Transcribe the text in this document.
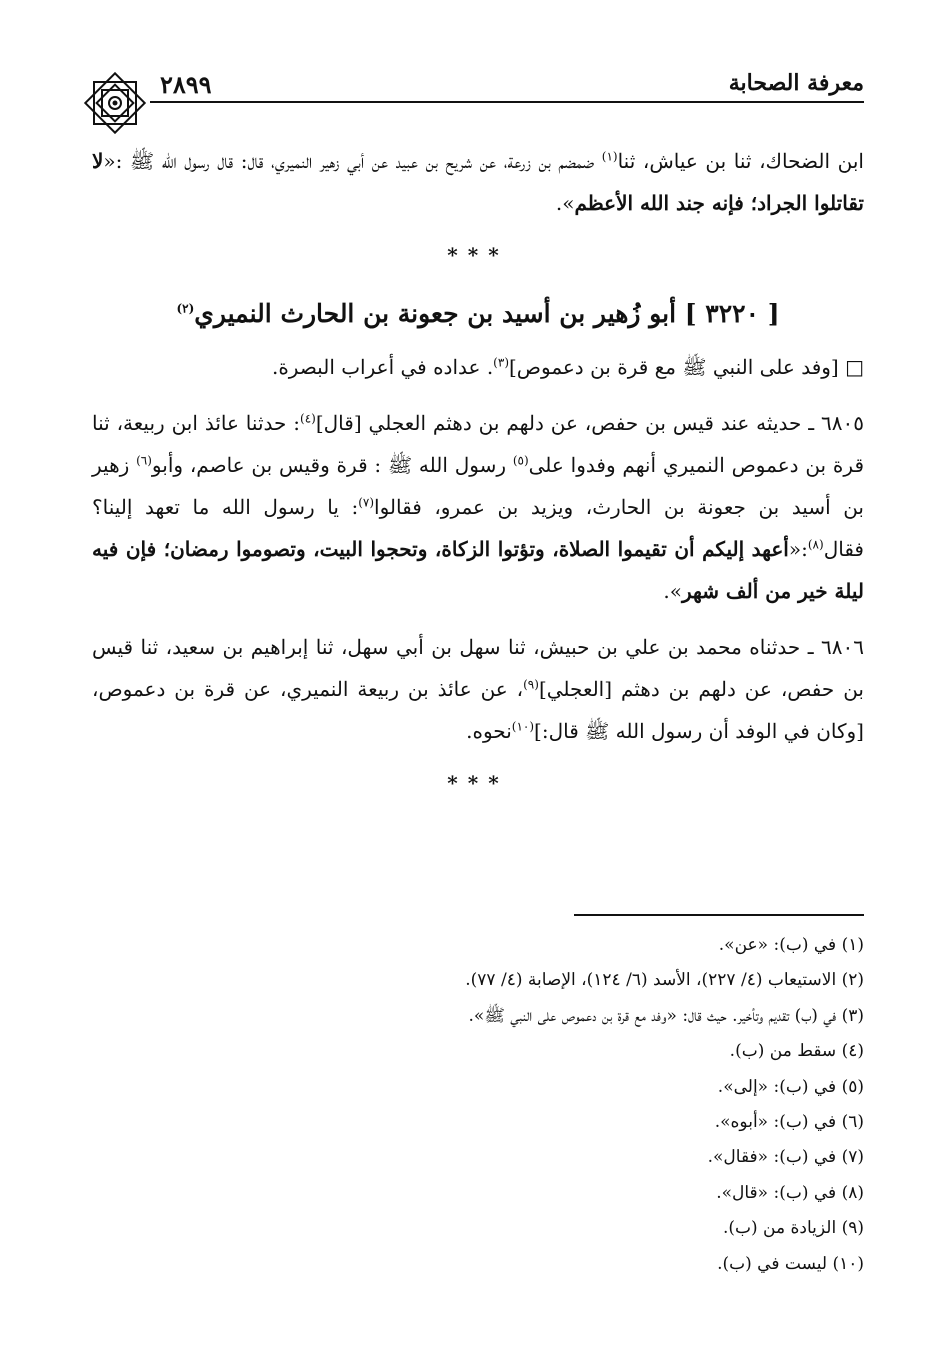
معرفة الصحابة
٢٨٩٩

ابن الضحاك، ثنا بن عياش، ثنا$^{(١)}$ ضمضم بن زرعة، عن شريح بن عبيد عن أبي زهير النميري، قال: قال رسول الله ﷺ :«لا تقاتلوا الجراد؛ فإنه جند الله الأعظم».

***

[ ٣٢٢٠ ] أبو زُهير بن أسيد بن جعونة بن الحارث النميري$^{(٢)}$

□ [وفد على النبي ﷺ مع قرة بن دعموص]$^{(٣)}$. عداده في أعراب البصرة.

٦٨٠٥ ـ حديثه عند قيس بن حفص، عن دلهم بن دهثم العجلي [قال]$^{(٤)}$: حدثنا عائذ ابن ربيعة، ثنا قرة بن دعموص النميري أنهم وفدوا على$^{(٥)}$ رسول الله ﷺ : قرة وقيس بن عاصم، وأبو$^{(٦)}$ زهير بن أسيد بن جعونة بن الحارث، ويزيد بن عمرو، فقالوا$^{(٧)}$: يا رسول الله ما تعهد إلينا؟ فقال$^{(٨)}$:«أعهد إليكم أن تقيموا الصلاة، وتؤتوا الزكاة، وتحجوا البيت، وتصوموا رمضان؛ فإن فيه ليلة خير من ألف شهر».

٦٨٠٦ ـ حدثناه محمد بن علي بن حبيش، ثنا سهل بن أبي سهل، ثنا إبراهيم بن سعيد، ثنا قيس بن حفص، عن دلهم بن دهثم [العجلي]$^{(٩)}$، عن عائذ بن ربيعة النميري، عن قرة بن دعموص، [وكان في الوفد أن رسول الله ﷺ قال:]$^{(١٠)}$نحوه.

***

(١) في (ب): «عن».

(٢) الاستيعاب (٤/ ٢٢٧)، الأسد (٦/ ١٢٤)، الإصابة (٤/ ٧٧).

(٣) في (ب) تقديم وتأخير. حيث قال: «وفد مع قرة بن دعموص على النبي ﷺ».

(٤) سقط من (ب).

(٥) في (ب): «إلى».

(٦) في (ب): «أبوه».

(٧) في (ب): «فقال».

(٨) في (ب): «قال».

(٩) الزيادة من (ب).

(١٠) ليست في (ب).
